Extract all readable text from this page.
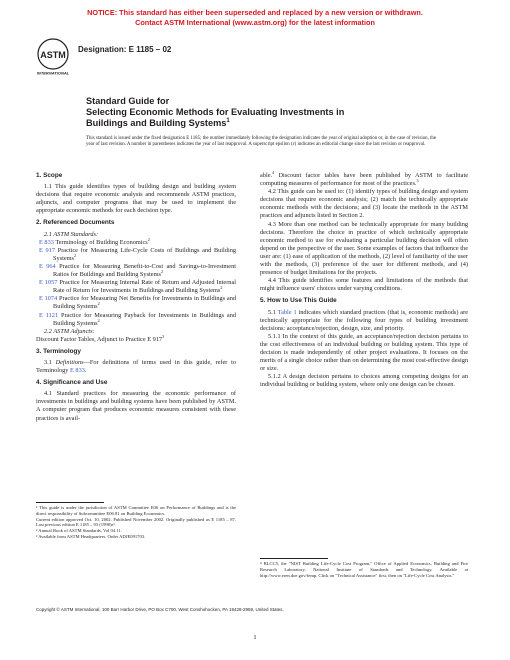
NOTICE: This standard has either been superseded and replaced by a new version or withdrawn.
Contact ASTM International (www.astm.org) for the latest information
ASTM
INTERNATIONAL
Designation: E 1185 – 02
Standard Guide for
Selecting Economic Methods for Evaluating Investments in
Buildings and Building Systems$^1$
This standard is issued under the fixed designation E 1185; the number immediately following the designation indicates the year of original adoption or, in the case of revision, the year of last revision. A number in parentheses indicates the year of last reapproval. A superscript epsilon (ε) indicates an editorial change since the last revision or reapproval.
1. Scope

1.1 This guide identifies types of building design and building system decisions that require economic analysis and recommends ASTM practices, adjuncts, and computer programs that may be used to implement the appropriate economic methods for each decision type.

2. Referenced Documents

2.1 ASTM Standards:

E 833 Terminology of Building Economics$^2$

E 917 Practice for Measuring Life-Cycle Costs of Buildings and Building Systems$^2$

E 964 Practice for Measuring Benefit-to-Cost and Savings-to-Investment Ratios for Buildings and Building Systems$^2$

E 1057 Practice for Measuring Internal Rate of Return and Adjusted Internal Rate of Return for Investments in Buildings and Building Systems$^2$

E 1074 Practice for Measuring Net Benefits for Investments in Buildings and Building Systems$^2$

E 1121 Practice for Measuring Payback for Investments in Buildings and Building Systems$^2$

2.2 ASTM Adjuncts:

Discount Factor Tables, Adjunct to Practice E $917^3$

3. Terminology

3.1 Definitions—For definitions of terms used in this guide, refer to Terminology E 833.

4. Significance and Use

4.1 Standard practices for measuring the economic performance of investments in buildings and building systems have been published by ASTM. A computer program that produces economic measures consistent with these practices is avail-

able.$^4$ Discount factor tables have been published by ASTM to facilitate computing measures of performance for most of the practices.$^3$

4.2 This guide can be used to: (1) identify types of building design and system decisions that require economic analysis; (2) match the technically appropriate economic methods with the decisions; and (3) locate the methods in the ASTM practices and adjuncts listed in Section 2.

4.3 More than one method can be technically appropriate for many building decisions. Therefore the choice in practice of which technically appropriate economic method to use for evaluating a particular building decision will often depend on the perspective of the user. Some examples of factors that influence the user are: (1) ease of application of the methods, (2) level of familiarity of the user with the methods, (3) preference of the user for different methods, and (4) presence of budget limitations for the projects.

4.4 This guide identifies some features and limitations of the methods that might influence users' choices under varying conditions.

5. How to Use This Guide

5.1 Table 1 indicates which standard practices (that is, economic methods) are technically appropriate for the following four types of building investment decisions: acceptance/rejection, design, size, and priority.

5.1.1 In the context of this guide, an acceptance/rejection decision pertains to the cost effectiveness of an individual building or building system. This type of decision is made independently of other project evaluations. It focuses on the merits of a single choice rather than on determining the most cost-effective design or size.

5.1.2 A design decision pertains to choices among competing designs for an individual building or building system, where only one design can be chosen.

¹ This guide is under the jurisdiction of ASTM Committee E06 on Performance of Buildings and is the direct responsibility of Subcommittee E06.81 on Building Economics.

Current edition approved Oct. 10, 2002. Published November 2002. Originally published as E 1185 – 87. Last previous edition E 1185 – 93 (1998)ε¹.

² Annual Book of ASTM Standards, Vol 04.11.

³ Available from ASTM Headquarters. Order ADJE091703.

⁴ BLCC5, the "NIST Building Life-Cycle Cost Program," Office of Applied Economics, Building and Fire Research Laboratory, National Institute of Standards and Technology. Available at http://www.eren.doe.gov/femp. Click on "Technical Assistance" first, then on "Life-Cycle Cost Analysis."

Copyright © ASTM International, 100 Barr Harbor Drive, PO Box C700, West Conshohocken, PA 19428-2959, United States.
1
